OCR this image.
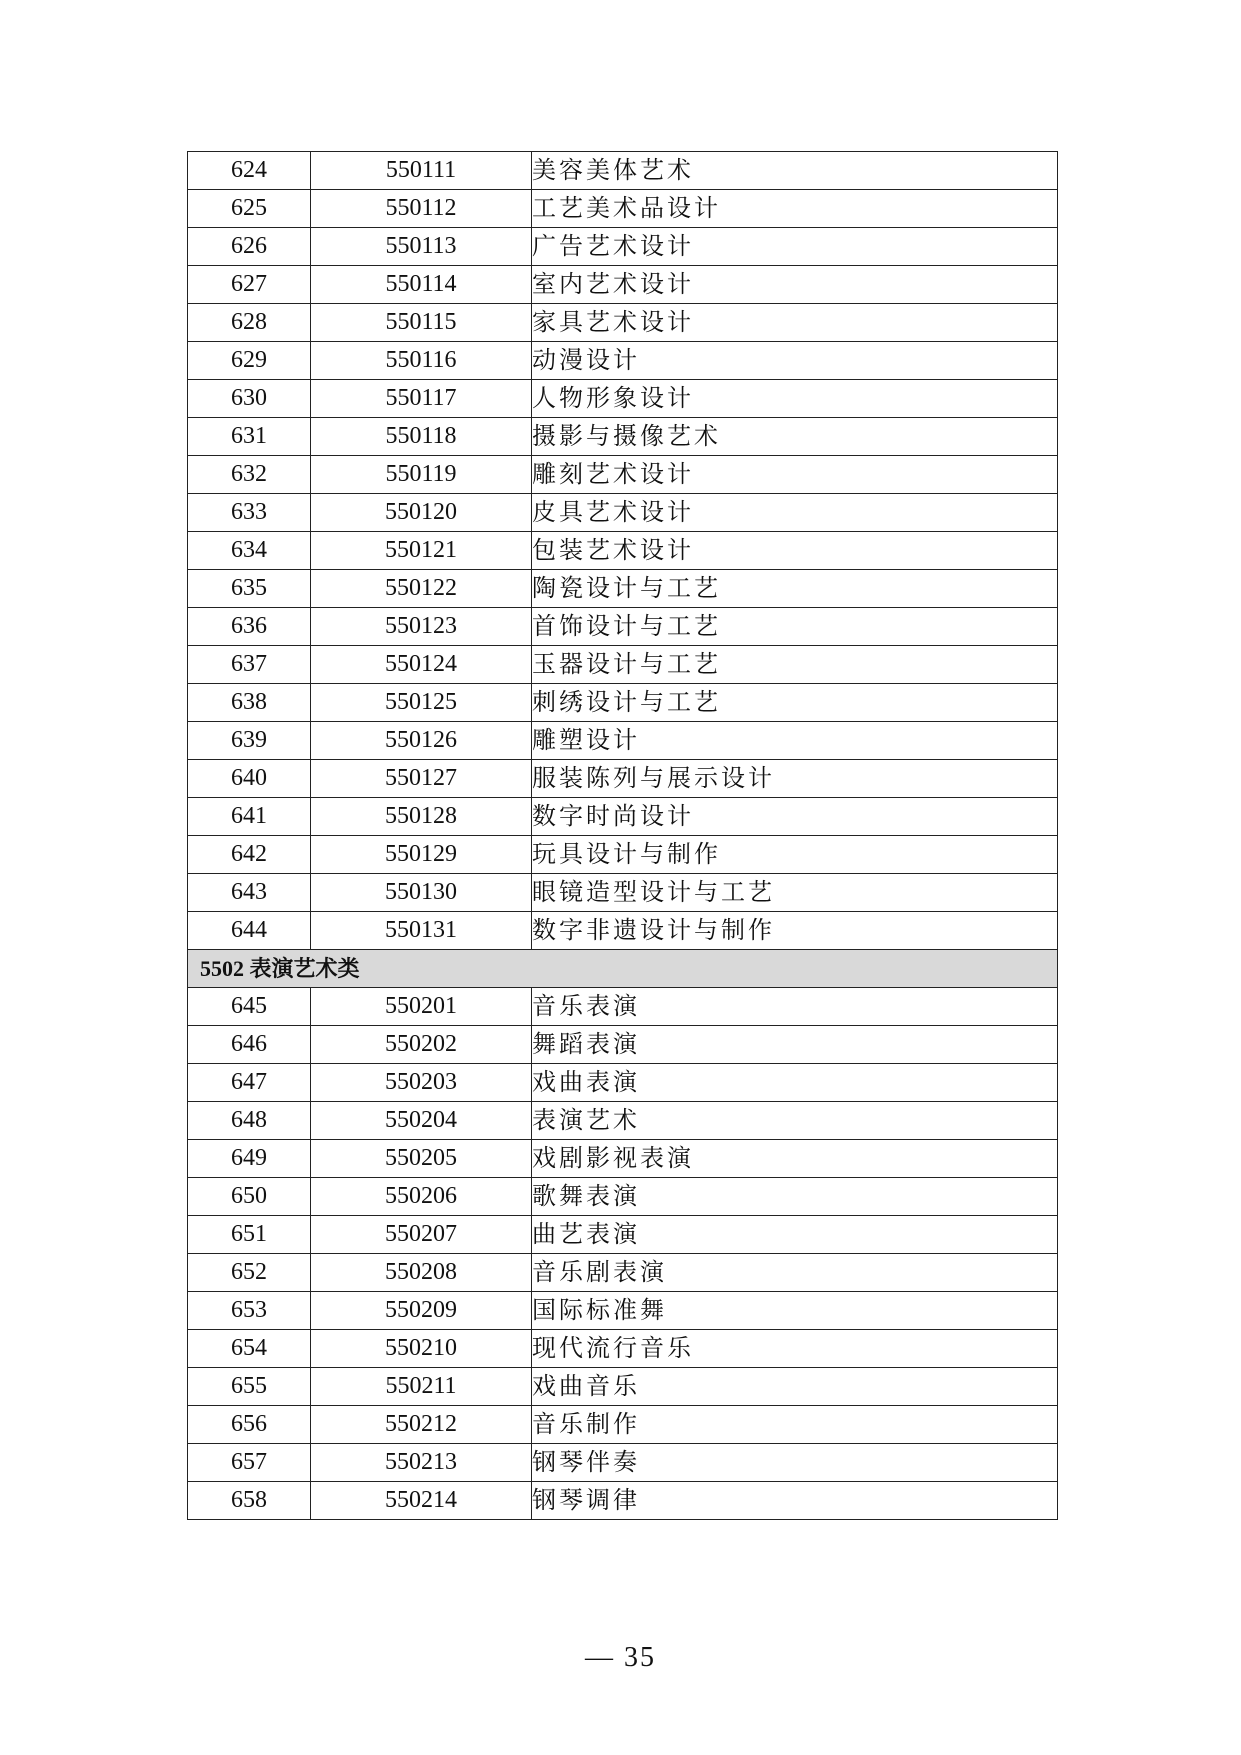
624	550111	美容美体艺术
625	550112	工艺美术品设计
626	550113	广告艺术设计
627	550114	室内艺术设计
628	550115	家具艺术设计
629	550116	动漫设计
630	550117	人物形象设计
631	550118	摄影与摄像艺术
632	550119	雕刻艺术设计
633	550120	皮具艺术设计
634	550121	包装艺术设计
635	550122	陶瓷设计与工艺
636	550123	首饰设计与工艺
637	550124	玉器设计与工艺
638	550125	刺绣设计与工艺
639	550126	雕塑设计
640	550127	服装陈列与展示设计
641	550128	数字时尚设计
642	550129	玩具设计与制作
643	550130	眼镜造型设计与工艺
644	550131	数字非遗设计与制作
5502 表演艺术类		
645	550201	音乐表演
646	550202	舞蹈表演
647	550203	戏曲表演
648	550204	表演艺术
649	550205	戏剧影视表演
650	550206	歌舞表演
651	550207	曲艺表演
652	550208	音乐剧表演
653	550209	国际标准舞
654	550210	现代流行音乐
655	550211	戏曲音乐
656	550212	音乐制作
657	550213	钢琴伴奏
658	550214	钢琴调律
— 35
